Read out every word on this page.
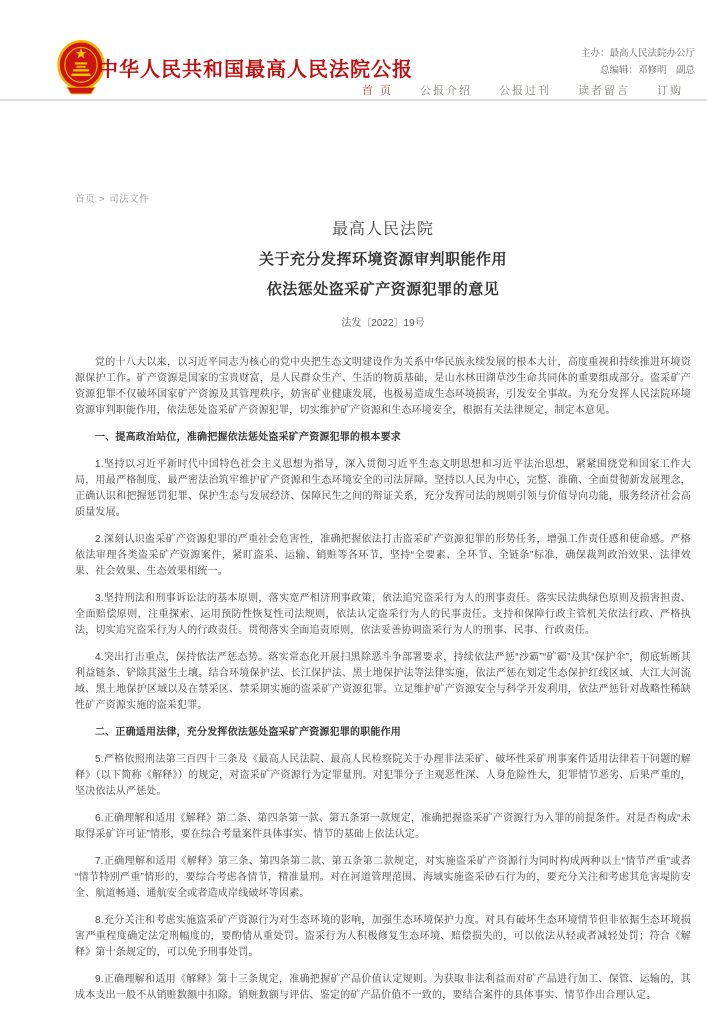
中华人民共和国最高人民法院公报
主办：最高人民法院办公厅
总编辑：邓修明　副总
首 页 公报介绍 公报过刊 读者留言 订购
首页 > 司法文件
最高人民法院
关于充分发挥环境资源审判职能作用
依法惩处盗采矿产资源犯罪的意见
法发〔2022〕19号

党的十八大以来，以习近平同志为核心的党中央把生态文明建设作为关系中华民族永续发展的根本大计，高度重视和持续推进环境资源保护工作。矿产资源是国家的宝贵财富，是人民群众生产、生活的物质基础，是山水林田湖草沙生命共同体的重要组成部分。盗采矿产资源犯罪不仅破坏国家矿产资源及其管理秩序，妨害矿业健康发展，也极易造成生态环境损害，引发安全事故。为充分发挥人民法院环境资源审判职能作用，依法惩处盗采矿产资源犯罪，切实维护矿产资源和生态环境安全，根据有关法律规定，制定本意见。

一、提高政治站位，准确把握依法惩处盗采矿产资源犯罪的根本要求

1.坚持以习近平新时代中国特色社会主义思想为指导，深入贯彻习近平生态文明思想和习近平法治思想，紧紧围绕党和国家工作大局，用最严格制度、最严密法治筑牢维护矿产资源和生态环境安全的司法屏障。坚持以人民为中心，完整、准确、全面贯彻新发展理念，正确认识和把握惩罚犯罪、保护生态与发展经济、保障民生之间的辩证关系，充分发挥司法的规则引领与价值导向功能，服务经济社会高质量发展。

2.深刻认识盗采矿产资源犯罪的严重社会危害性，准确把握依法打击盗采矿产资源犯罪的形势任务，增强工作责任感和使命感。严格依法审理各类盗采矿产资源案件，紧盯盗采、运输、销赃等各环节，坚持“全要素、全环节、全链条”标准，确保裁判政治效果、法律效果、社会效果、生态效果相统一。

3.坚持刑法和刑事诉讼法的基本原则，落实宽严相济刑事政策，依法追究盗采行为人的刑事责任。落实民法典绿色原则及损害担责、全面赔偿原则，注重探索、运用预防性恢复性司法规则，依法认定盗采行为人的民事责任。支持和保障行政主管机关依法行政、严格执法，切实追究盗采行为人的行政责任。贯彻落实全面追责原则，依法妥善协调盗采行为人的刑事、民事、行政责任。

4.突出打击重点，保持依法严惩态势。落实常态化开展扫黑除恶斗争部署要求，持续依法严惩“沙霸”“矿霸”及其“保护伞”，彻底斩断其利益链条、铲除其滋生土壤。结合环境保护法、长江保护法、黑土地保护法等法律实施，依法严惩在划定生态保护红线区域、大江大河流域、黑土地保护区域以及在禁采区、禁采期实施的盗采矿产资源犯罪。立足维护矿产资源安全与科学开发利用，依法严惩针对战略性稀缺性矿产资源实施的盗采犯罪。

二、正确适用法律，充分发挥依法惩处盗采矿产资源犯罪的职能作用

5.严格依照刑法第三百四十三条及《最高人民法院、最高人民检察院关于办理非法采矿、破坏性采矿刑事案件适用法律若干问题的解释》（以下简称《解释》）的规定，对盗采矿产资源行为定罪量刑。对犯罪分子主观恶性深、人身危险性大，犯罪情节恶劣、后果严重的，坚决依法从严惩处。

6.正确理解和适用《解释》第二条、第四条第一款、第五条第一款规定，准确把握盗采矿产资源行为入罪的前提条件。对是否构成“未取得采矿许可证”情形，要在综合考量案件具体事实、情节的基础上依法认定。

7.正确理解和适用《解释》第三条、第四条第二款、第五条第二款规定，对实施盗采矿产资源行为同时构成两种以上“情节严重”或者“情节特别严重”情形的，要综合考虑各情节，精准量刑。对在河道管理范围、海域实施盗采砂石行为的，要充分关注和考虑其危害堤防安全、航道畅通、通航安全或者造成岸线破坏等因素。

8.充分关注和考虑实施盗采矿产资源行为对生态环境的影响，加强生态环境保护力度。对具有破坏生态环境情节但非依据生态环境损害严重程度确定法定刑幅度的，要酌情从重处罚。盗采行为人积极修复生态环境、赔偿损失的，可以依法从轻或者减轻处罚；符合《解释》第十条规定的，可以免予刑事处罚。

9.正确理解和适用《解释》第十三条规定，准确把握矿产品价值认定规则。为获取非法利益而对矿产品进行加工、保管、运输的，其成本支出一般不从销赃数额中扣除。销赃数额与评估、鉴定的矿产品价值不一致的，要结合案件的具体事实、情节作出合理认定。
